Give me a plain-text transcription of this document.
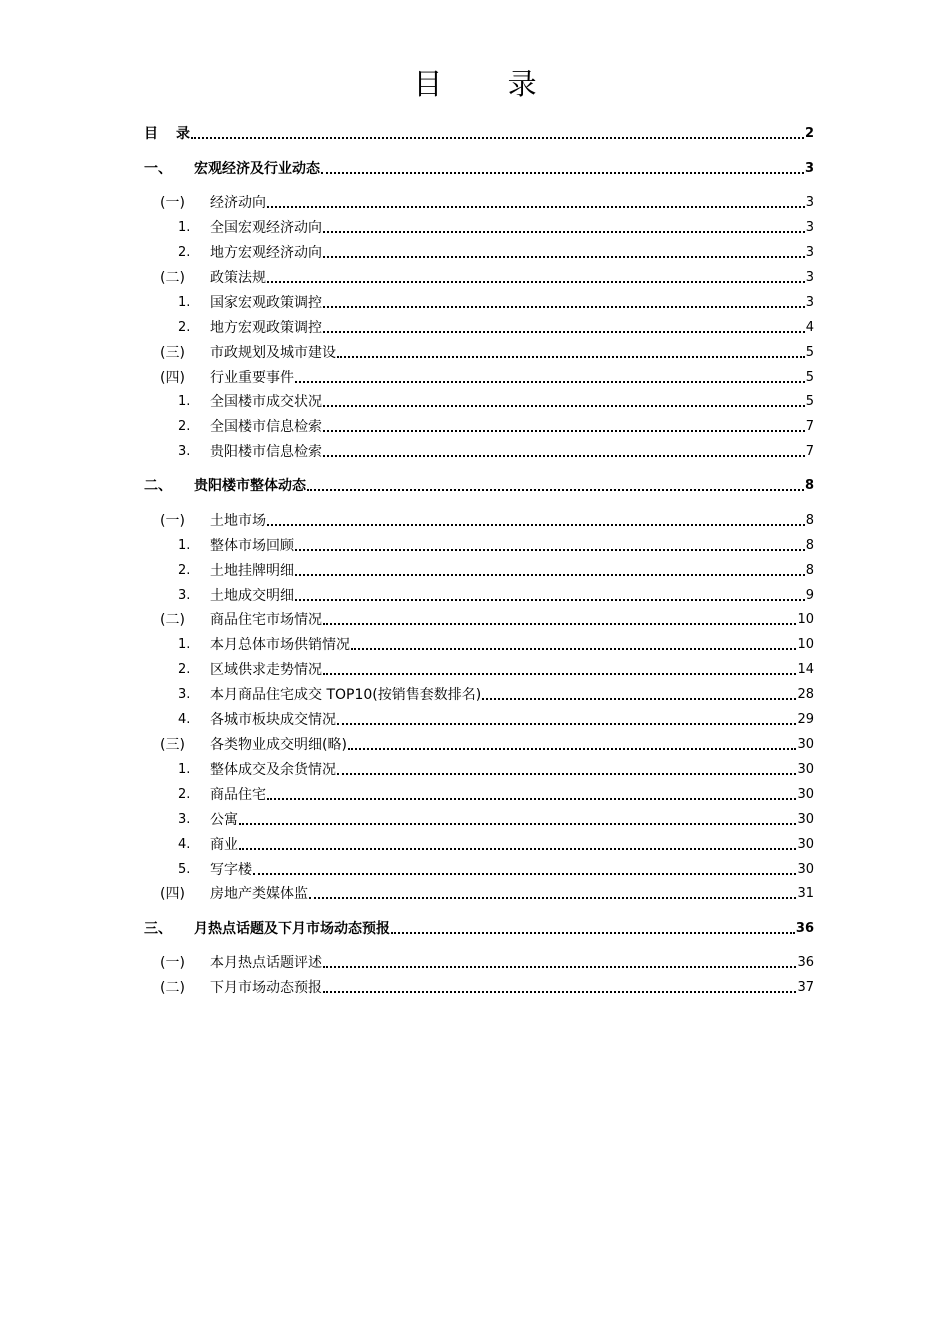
目 录
目	录	2
一、	宏观经济及行业动态	3
(一)	经济动向	3
1.	全国宏观经济动向	3
2.	地方宏观经济动向	3
(二)	政策法规	3
1.	国家宏观政策调控	3
2.	地方宏观政策调控	4
(三)	市政规划及城市建设	5
(四)	行业重要事件	5
1.	全国楼市成交状况	5
2.	全国楼市信息检索	7
3.	贵阳楼市信息检索	7
二、	贵阳楼市整体动态	8
(一)	土地市场	8
1.	整体市场回顾	8
2.	土地挂牌明细	8
3.	土地成交明细	9
(二)	商品住宅市场情况	10
1.	本月总体市场供销情况	10
2.	区域供求走势情况	14
3.	本月商品住宅成交 TOP10(按销售套数排名)	28
4.	各城市板块成交情况	29
(三)	各类物业成交明细(略)	30
1.	整体成交及余货情况	30
2.	商品住宅	30
3.	公寓	30
4.	商业	30
5.	写字楼	30
(四)	房地产类媒体监	31
三、	月热点话题及下月市场动态预报	36
(一)	本月热点话题评述	36
(二)	下月市场动态预报	37
